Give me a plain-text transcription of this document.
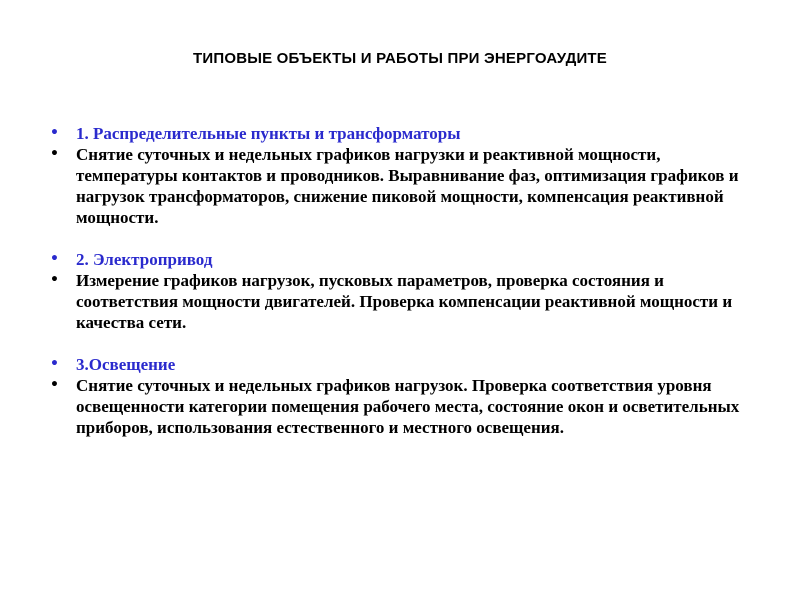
ТИПОВЫЕ ОБЪЕКТЫ И РАБОТЫ ПРИ ЭНЕРГОАУДИТЕ
•	1. Распределительные пункты и трансформаторы
•	Снятие суточных и недельных графиков нагрузки и реактивной мощности, температуры контактов и проводников. Выравнивание фаз, оптимизация графиков и нагрузок трансформаторов, снижение пиковой мощности, компенсация реактивной мощности.
•	2. Электропривод
•	Измерение графиков нагрузок, пусковых параметров, проверка состояния и соответствия мощности двигателей. Проверка компенсации реактивной мощности и качества сети.
•	3.Освещение
•	Снятие суточных и недельных графиков нагрузок. Проверка соответствия уровня освещенности категории помещения рабочего места, состояние окон и осветительных приборов, использования естественного и местного освещения.
